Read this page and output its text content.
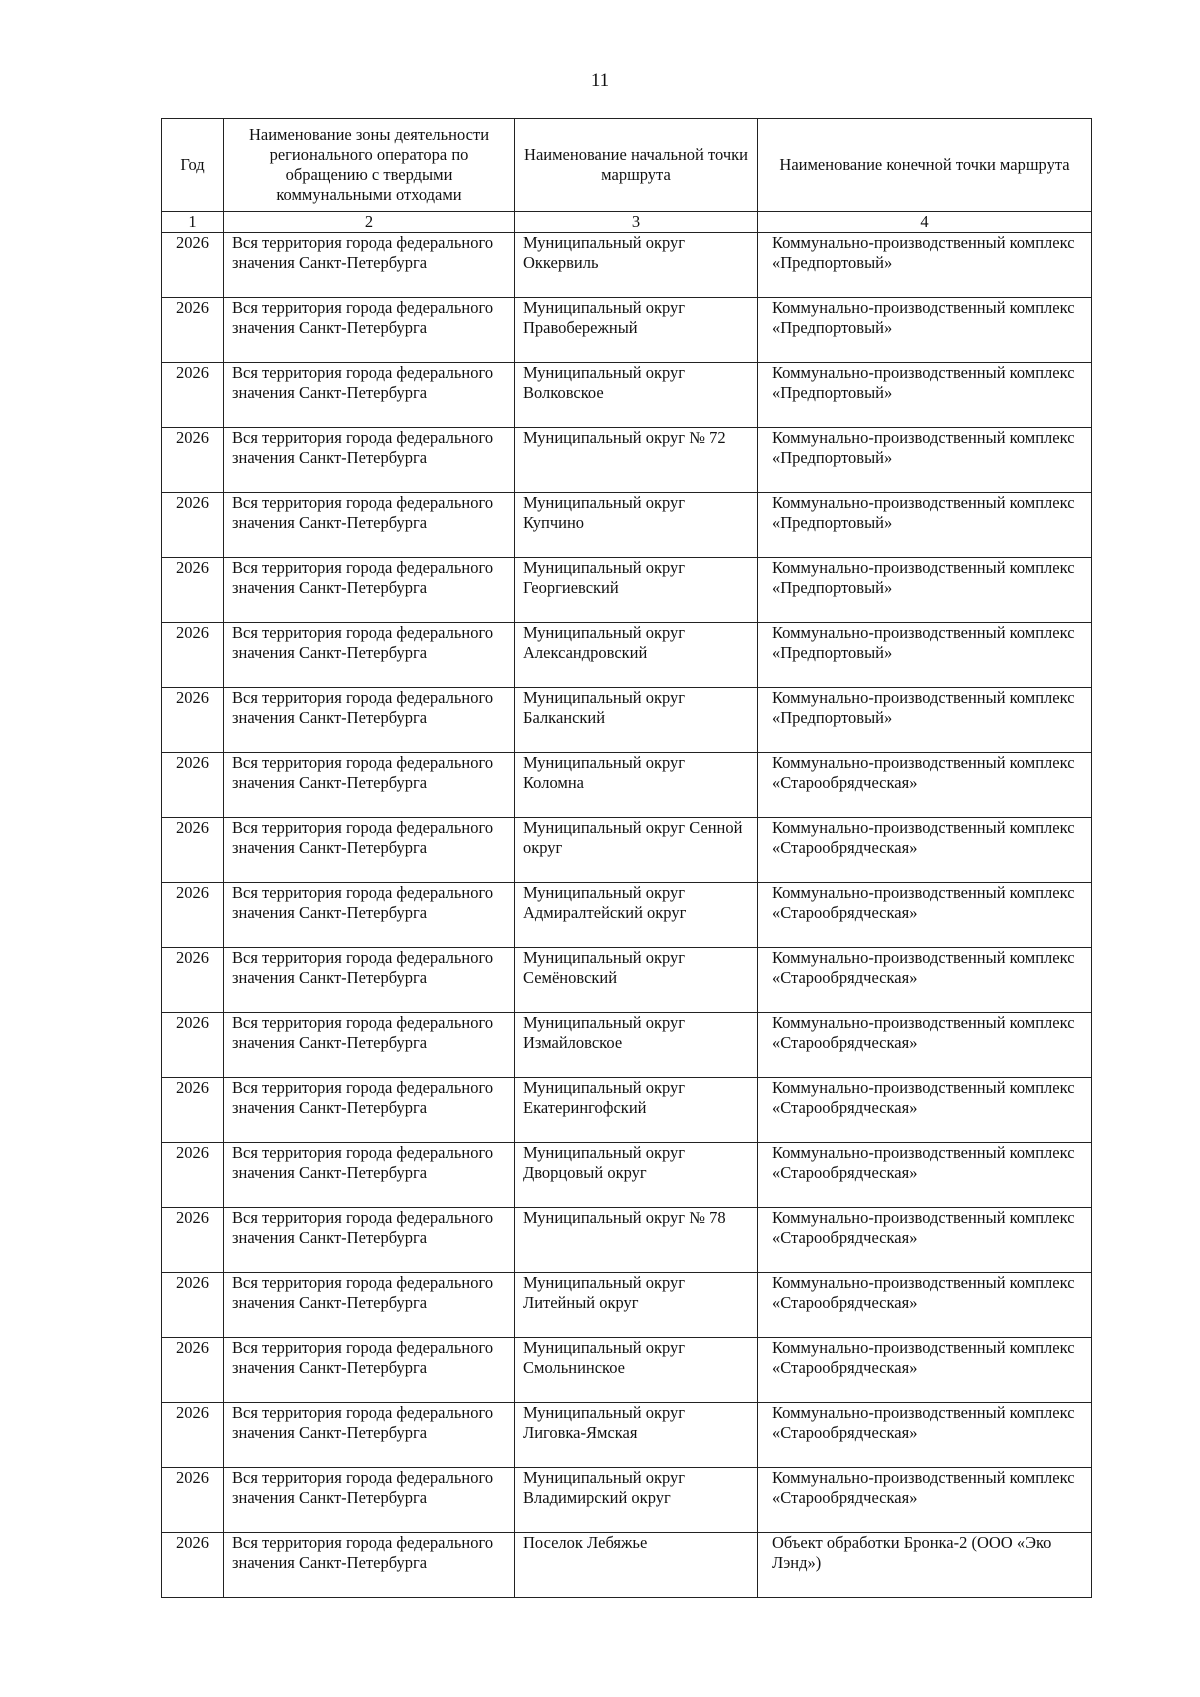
11
Год	Наименование зоны деятельности регионального оператора по обращению с твердыми коммунальными отходами	Наименование начальной точки маршрута	Наименование конечной точки маршрута
1	2	3	4
2026	Вся территория города федерального значения Санкт-Петербурга	Муниципальный округ Оккервиль	Коммунально-производственный комплекс «Предпортовый»
2026	Вся территория города федерального значения Санкт-Петербурга	Муниципальный округ Правобережный	Коммунально-производственный комплекс «Предпортовый»
2026	Вся территория города федерального значения Санкт-Петербурга	Муниципальный округ Волковское	Коммунально-производственный комплекс «Предпортовый»
2026	Вся территория города федерального значения Санкт-Петербурга	Муниципальный округ № 72	Коммунально-производственный комплекс «Предпортовый»
2026	Вся территория города федерального значения Санкт-Петербурга	Муниципальный округ Купчино	Коммунально-производственный комплекс «Предпортовый»
2026	Вся территория города федерального значения Санкт-Петербурга	Муниципальный округ Георгиевский	Коммунально-производственный комплекс «Предпортовый»
2026	Вся территория города федерального значения Санкт-Петербурга	Муниципальный округ Александровский	Коммунально-производственный комплекс «Предпортовый»
2026	Вся территория города федерального значения Санкт-Петербурга	Муниципальный округ Балканский	Коммунально-производственный комплекс «Предпортовый»
2026	Вся территория города федерального значения Санкт-Петербурга	Муниципальный округ Коломна	Коммунально-производственный комплекс «Старообрядческая»
2026	Вся территория города федерального значения Санкт-Петербурга	Муниципальный округ Сенной округ	Коммунально-производственный комплекс «Старообрядческая»
2026	Вся территория города федерального значения Санкт-Петербурга	Муниципальный округ Адмиралтейский округ	Коммунально-производственный комплекс «Старообрядческая»
2026	Вся территория города федерального значения Санкт-Петербурга	Муниципальный округ Семёновский	Коммунально-производственный комплекс «Старообрядческая»
2026	Вся территория города федерального значения Санкт-Петербурга	Муниципальный округ Измайловское	Коммунально-производственный комплекс «Старообрядческая»
2026	Вся территория города федерального значения Санкт-Петербурга	Муниципальный округ Екатерингофский	Коммунально-производственный комплекс «Старообрядческая»
2026	Вся территория города федерального значения Санкт-Петербурга	Муниципальный округ Дворцовый округ	Коммунально-производственный комплекс «Старообрядческая»
2026	Вся территория города федерального значения Санкт-Петербурга	Муниципальный округ № 78	Коммунально-производственный комплекс «Старообрядческая»
2026	Вся территория города федерального значения Санкт-Петербурга	Муниципальный округ Литейный округ	Коммунально-производственный комплекс «Старообрядческая»
2026	Вся территория города федерального значения Санкт-Петербурга	Муниципальный округ Смольнинское	Коммунально-производственный комплекс «Старообрядческая»
2026	Вся территория города федерального значения Санкт-Петербурга	Муниципальный округ Лиговка-Ямская	Коммунально-производственный комплекс «Старообрядческая»
2026	Вся территория города федерального значения Санкт-Петербурга	Муниципальный округ Владимирский округ	Коммунально-производственный комплекс «Старообрядческая»
2026	Вся территория города федерального значения Санкт-Петербурга	Поселок Лебяжье	Объект обработки Бронка-2 (ООО «Эко Лэнд»)
